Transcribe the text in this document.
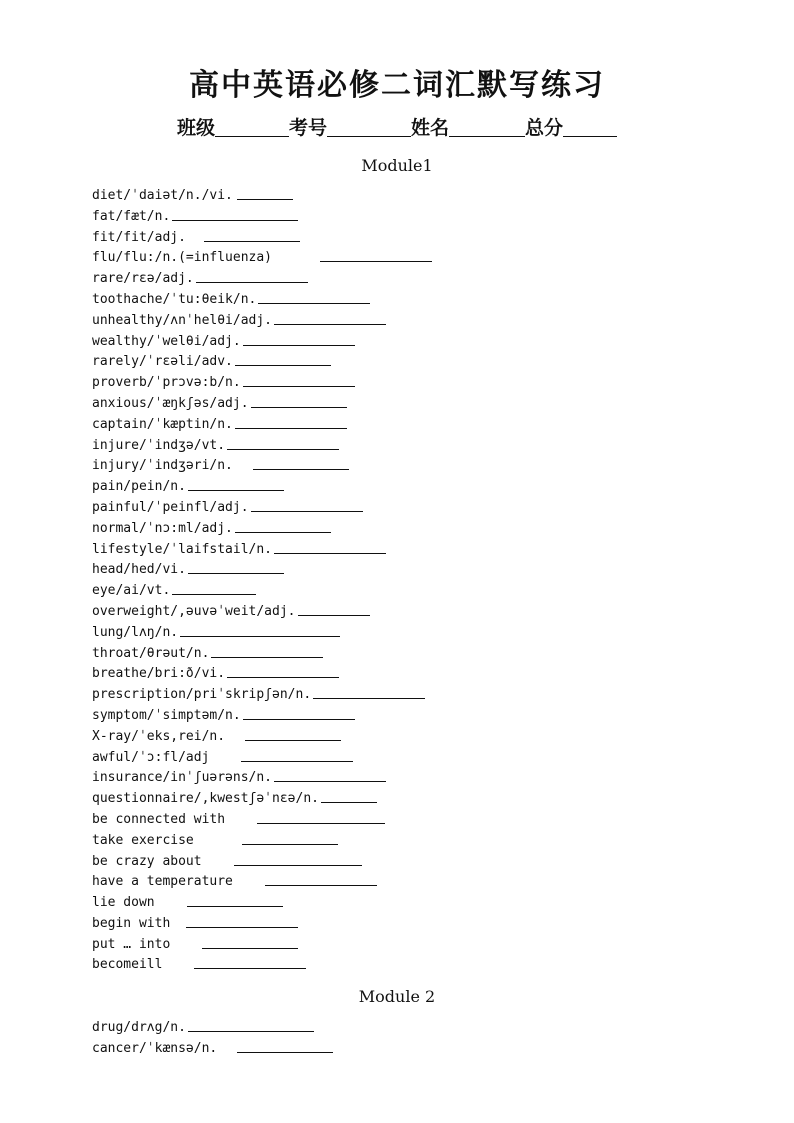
高中英语必修二词汇默写练习
班级	考号	姓名	总分
Module1
diet/ˈdaiət/n./vi.
fat/fæt/n.
fit/fit/adj.
flu/flu:/n.(=influenza)
rare/rɛə/adj.
toothache/ˈtu:θeik/n.
unhealthy/ʌnˈhelθi/adj.
wealthy/ˈwelθi/adj.
rarely/ˈrɛəli/adv.
proverb/ˈprɔvə:b/n.
anxious/ˈæŋkʃəs/adj.
captain/ˈkæptin/n.
injure/ˈindʒə/vt.
injury/ˈindʒəri/n.
pain/pein/n.
painful/ˈpeinfl/adj.
normal/ˈnɔ:ml/adj.
lifestyle/ˈlaifstail/n.
head/hed/vi.
eye/ai/vt.
overweight/,əuvəˈweit/adj.
lung/lʌŋ/n.
throat/θrəut/n.
breathe/bri:ð/vi.
prescription/priˈskripʃən/n.
symptom/ˈsimptəm/n.
X-ray/ˈeks,rei/n.
awful/ˈɔ:fl/adj
insurance/inˈʃuərəns/n.
questionnaire/,kwestʃəˈnɛə/n.
be connected with
take exercise
be crazy about
have a temperature
lie down
begin with
put … into
becomeill
Module 2
drug/drʌg/n.
cancer/ˈkænsə/n.
